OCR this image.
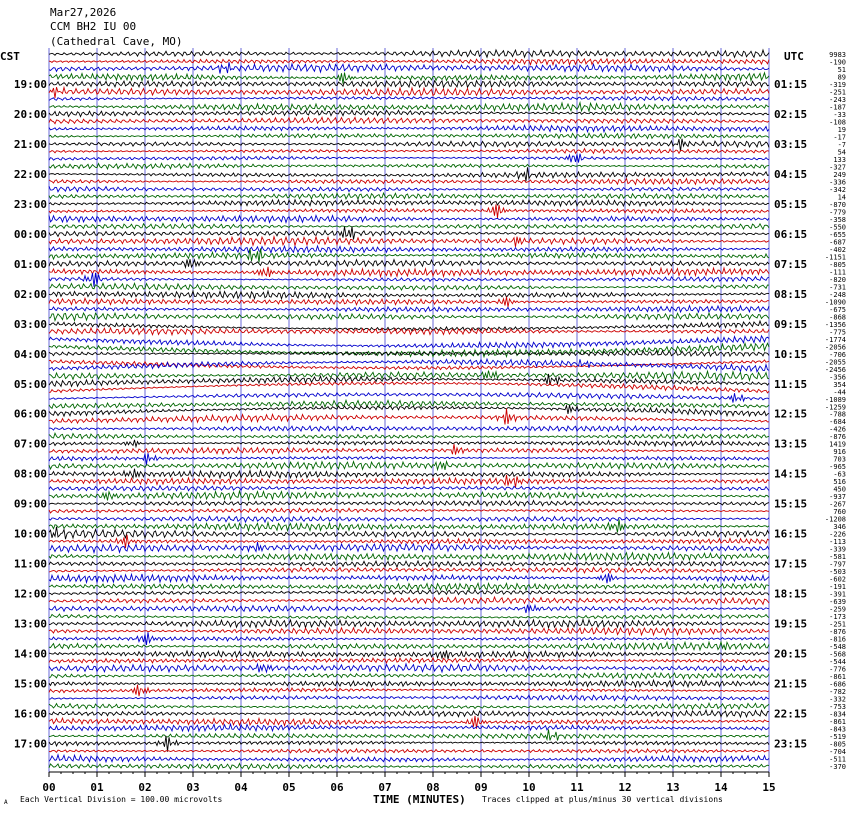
00	01	02	03	04	05	06	07	08	09	10	11	12	13	14	15
9983
-190
51
89
-319
-251
-243
-187
-33
-108
19
-17
-7
54
133
-327
249
-336
-342
14
-870
-779
-358
-550
-655
-687
-402
-1151
-805
-111
-820
-731
-248
-1090
-675
-868
-1356
-775
-1774
-2056
-706
-2055
-2456
-356
354
-44
-1089
-1259
-788
-684
-426
-876
1419
916
703
-965
-63
516
450
-937
-267
760
-1208
346
-226
-113
-339
-581
-797
-503
-602
-191
-391
-639
-259
-173
-251
-876
-816
-548
-568
-544
-776
-861
-686
-782
-332
-753
-834
-861
-843
-519
-805
-704
-511
-370
19:00	01:15
20:00	02:15
21:00	03:15
22:00	04:15
23:00	05:15
00:00	06:15
01:00	07:15
02:00	08:15
03:00	09:15
04:00	10:15
05:00	11:15
06:00	12:15
07:00	13:15
08:00	14:15
09:00	15:15
10:00	16:15
11:00	17:15
12:00	18:15
13:00	19:15
14:00	20:15
15:00	21:15
16:00	22:15
17:00	23:15
Mar27,2026
CCM BH2 IU 00
(Cathedral Cave, MO)
CST	UTC
A Each Vertical Division = 100.00 microvolts	TIME (MINUTES) Traces clipped at plus/minus 30 vertical divisions
